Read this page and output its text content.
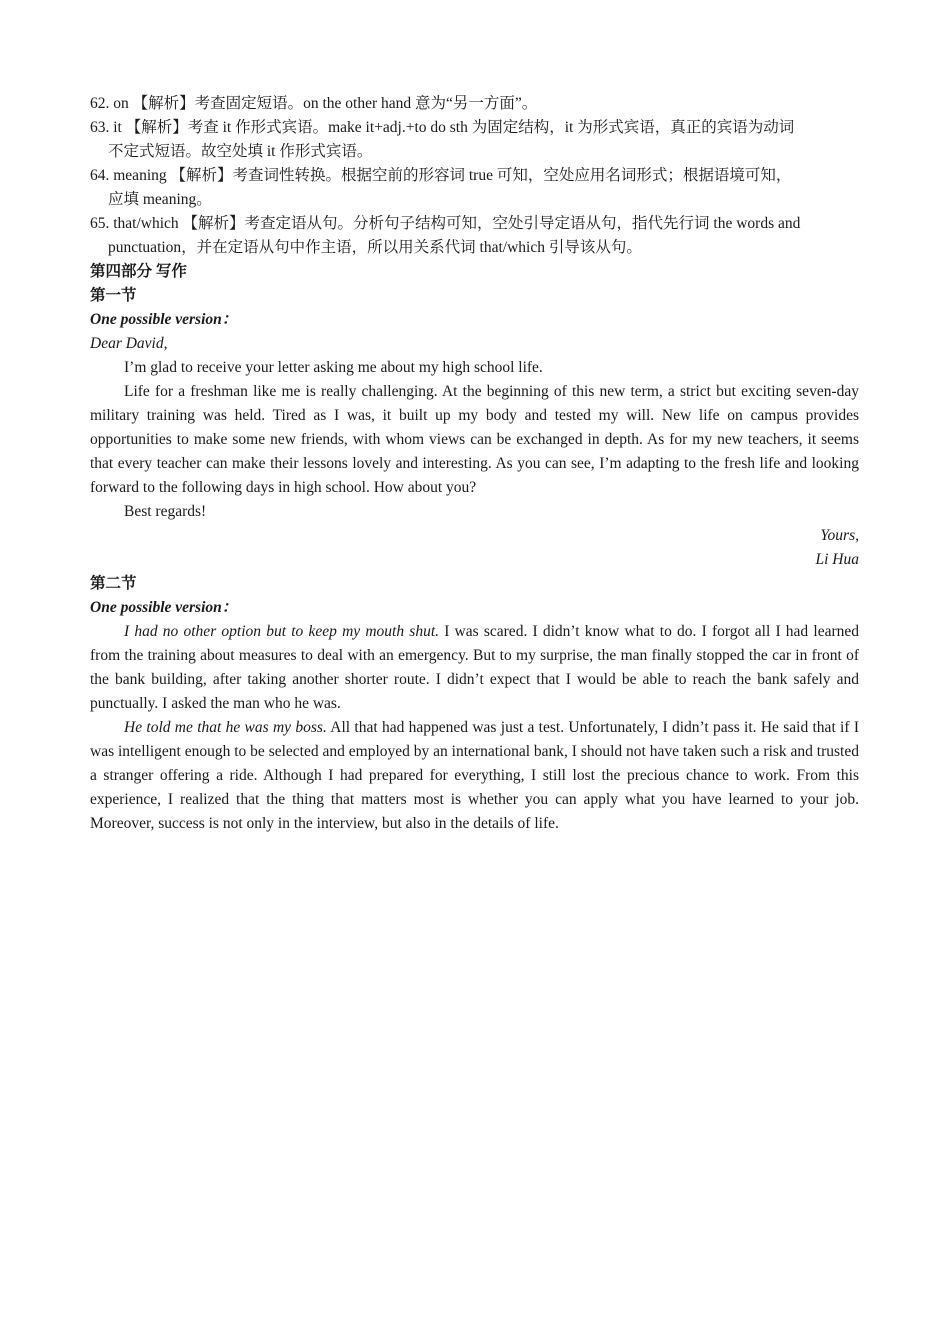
62. on 【解析】考查固定短语。on the other hand 意为“另一方面”。
63. it 【解析】考查 it 作形式宾语。make it+adj.+to do sth 为固定结构，it 为形式宾语，真正的宾语为动词
不定式短语。故空处填 it 作形式宾语。
64. meaning 【解析】考查词性转换。根据空前的形容词 true 可知，空处应用名词形式；根据语境可知，
应填 meaning。
65. that/which 【解析】考查定语从句。分析句子结构可知，空处引导定语从句，指代先行词 the words and
punctuation，并在定语从句中作主语，所以用关系代词 that/which 引导该从句。
第四部分 写作
第一节
One possible version：
Dear David,

I’m glad to receive your letter asking me about my high school life.

Life for a freshman like me is really challenging. At the beginning of this new term, a strict but exciting seven-day military training was held. Tired as I was, it built up my body and tested my will. New life on campus provides opportunities to make some new friends, with whom views can be exchanged in depth. As for my new teachers, it seems that every teacher can make their lessons lovely and interesting. As you can see, I’m adapting to the fresh life and looking forward to the following days in high school. How about you?

Best regards!
Yours,
Li Hua
第二节
One possible version：

I had no other option but to keep my mouth shut. I was scared. I didn’t know what to do. I forgot all I had learned from the training about measures to deal with an emergency. But to my surprise, the man finally stopped the car in front of the bank building, after taking another shorter route. I didn’t expect that I would be able to reach the bank safely and punctually. I asked the man who he was.

He told me that he was my boss. All that had happened was just a test. Unfortunately, I didn’t pass it. He said that if I was intelligent enough to be selected and employed by an international bank, I should not have taken such a risk and trusted a stranger offering a ride. Although I had prepared for everything, I still lost the precious chance to work. From this experience, I realized that the thing that matters most is whether you can apply what you have learned to your job. Moreover, success is not only in the interview, but also in the details of life.
